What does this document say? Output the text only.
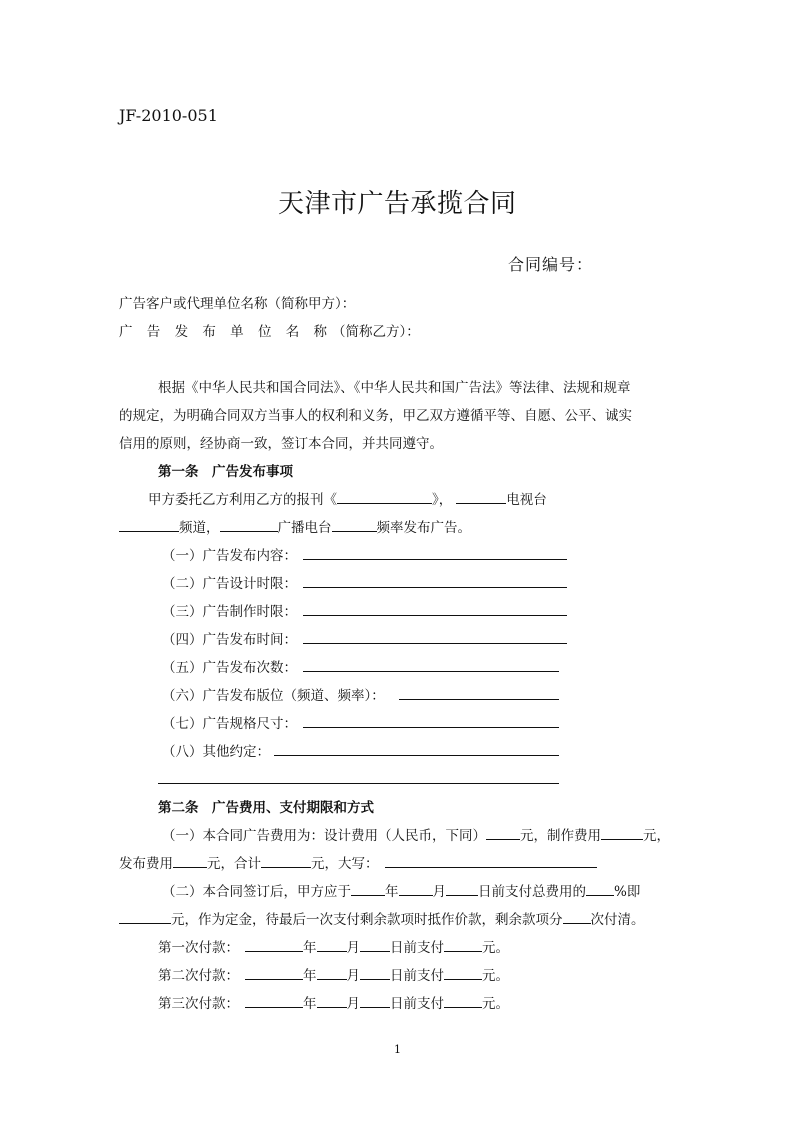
JF-2010-051
天津市广告承揽合同
合同编号：
广告客户或代理单位名称（简称甲方）：
广 告 发 布 单 位 名 称（简称乙方）：
根据《中华人民共和国合同法》、《中华人民共和国广告法》等法律、法规和规章
的规定，为明确合同双方当事人的权利和义务，甲乙双方遵循平等、自愿、公平、诚实
信用的原则，经协商一致，签订本合同，并共同遵守。
第一条　广告发布事项
甲方委托乙方利用乙方的报刊《	》，	电视台
频道，	广播电台	频率发布广告。
（一）广告发布内容：
（二）广告设计时限：
（三）广告制作时限：
（四）广告发布时间：
（五）广告发布次数：
（六）广告发布版位（频道、频率）：
（七）广告规格尺寸：
（八）其他约定：
第二条　广告费用、支付期限和方式
（一）本合同广告费用为：设计费用（人民币，下同）	元，制作费用	元，
发布费用	元，合计	元，大写：
（二）本合同签订后，甲方应于	年	月 日前支付总费用的 %即
元，作为定金，待最后一次支付剩余款项时抵作价款，剩余款项分 次付清。
第一次付款：	年 月 日前支付	元。
第二次付款：	年 月 日前支付	元。
第三次付款：	年 月 日前支付	元。
1
